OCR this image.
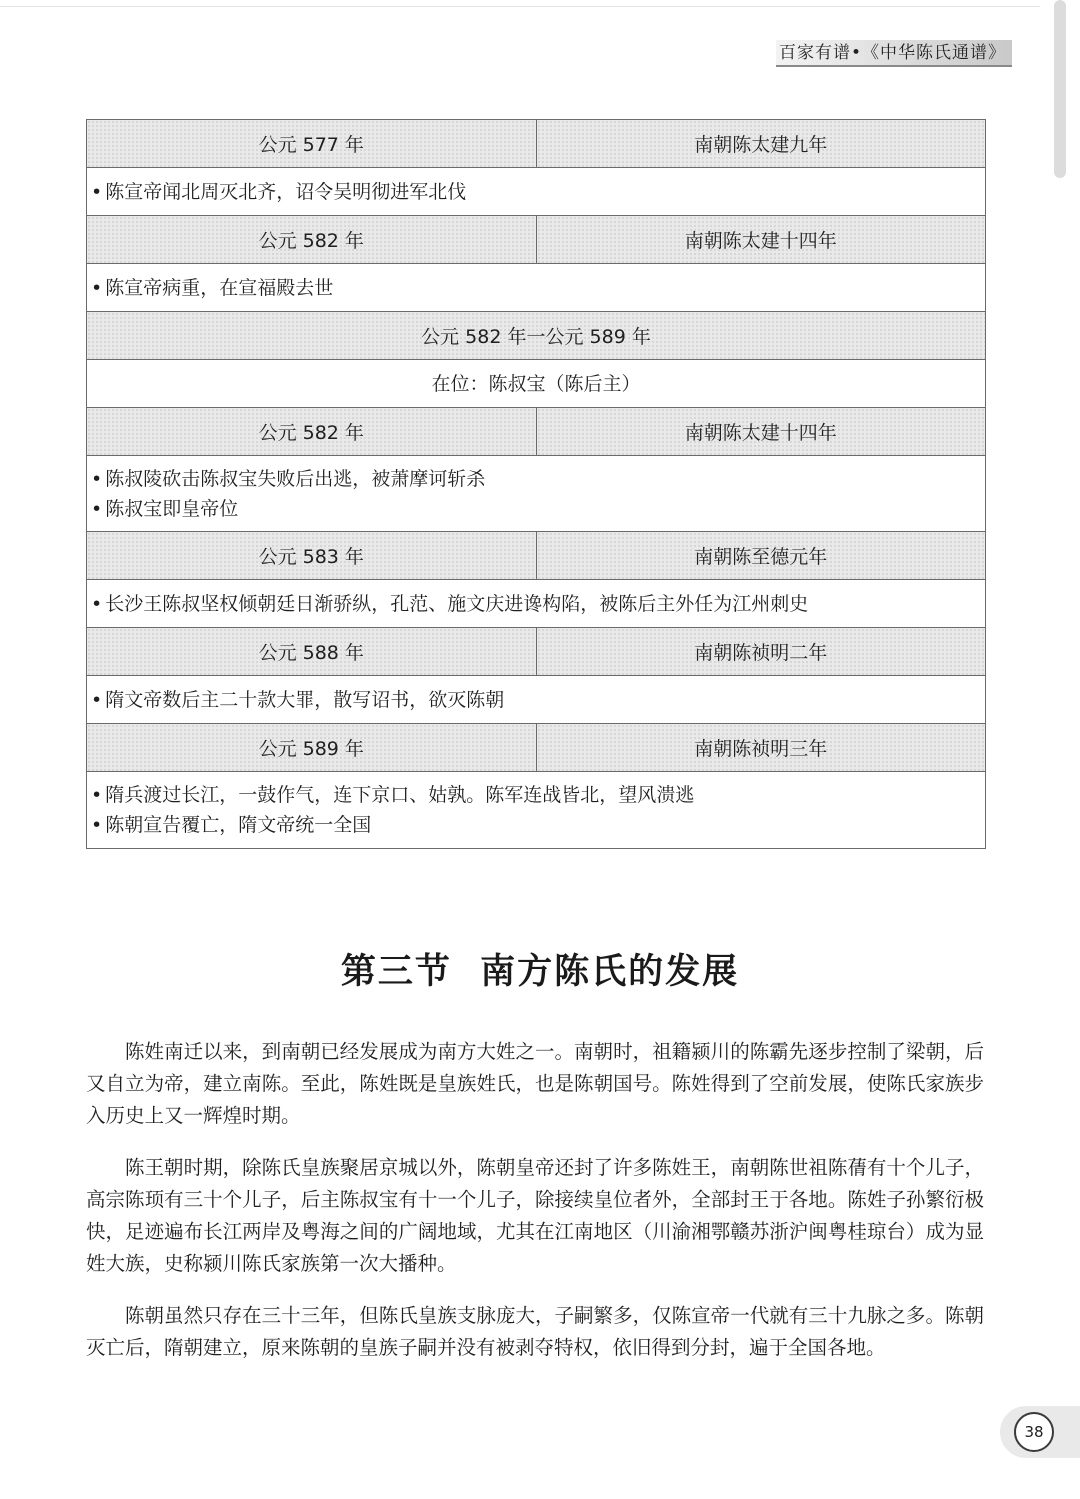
百家有谱•《中华陈氏通谱》
公元 577 年	南朝陈太建九年
• 陈宣帝闻北周灭北齐，诏令吴明彻进军北伐
公元 582 年	南朝陈太建十四年
• 陈宣帝病重，在宣福殿去世
公元 582 年一公元 589 年
在位：陈叔宝（陈后主）
公元 582 年	南朝陈太建十四年
• 陈叔陵砍击陈叔宝失败后出逃，被萧摩诃斩杀
• 陈叔宝即皇帝位
公元 583 年	南朝陈至德元年
• 长沙王陈叔坚权倾朝廷日渐骄纵，孔范、施文庆进谗构陷，被陈后主外任为江州刺史
公元 588 年	南朝陈祯明二年
• 隋文帝数后主二十款大罪，散写诏书，欲灭陈朝
公元 589 年	南朝陈祯明三年
• 隋兵渡过长江，一鼓作气，连下京口、姑孰。陈军连战皆北，望风溃逃
• 陈朝宣告覆亡，隋文帝统一全国
第三节  南方陈氏的发展

陈姓南迁以来，到南朝已经发展成为南方大姓之一。南朝时，祖籍颍川的陈霸先逐步控制了梁朝，后又自立为帝，建立南陈。至此，陈姓既是皇族姓氏，也是陈朝国号。陈姓得到了空前发展，使陈氏家族步入历史上又一辉煌时期。

陈王朝时期，除陈氏皇族聚居京城以外，陈朝皇帝还封了许多陈姓王，南朝陈世祖陈蒨有十个儿子，高宗陈顼有三十个儿子，后主陈叔宝有十一个儿子，除接续皇位者外，全部封王于各地。陈姓子孙繁衍极快，足迹遍布长江两岸及粤海之间的广阔地域，尤其在江南地区（川渝湘鄂赣苏浙沪闽粤桂琼台）成为显姓大族，史称颍川陈氏家族第一次大播种。

陈朝虽然只存在三十三年，但陈氏皇族支脉庞大，子嗣繁多，仅陈宣帝一代就有三十九脉之多。陈朝灭亡后，隋朝建立，原来陈朝的皇族子嗣并没有被剥夺特权，依旧得到分封，遍于全国各地。

38
